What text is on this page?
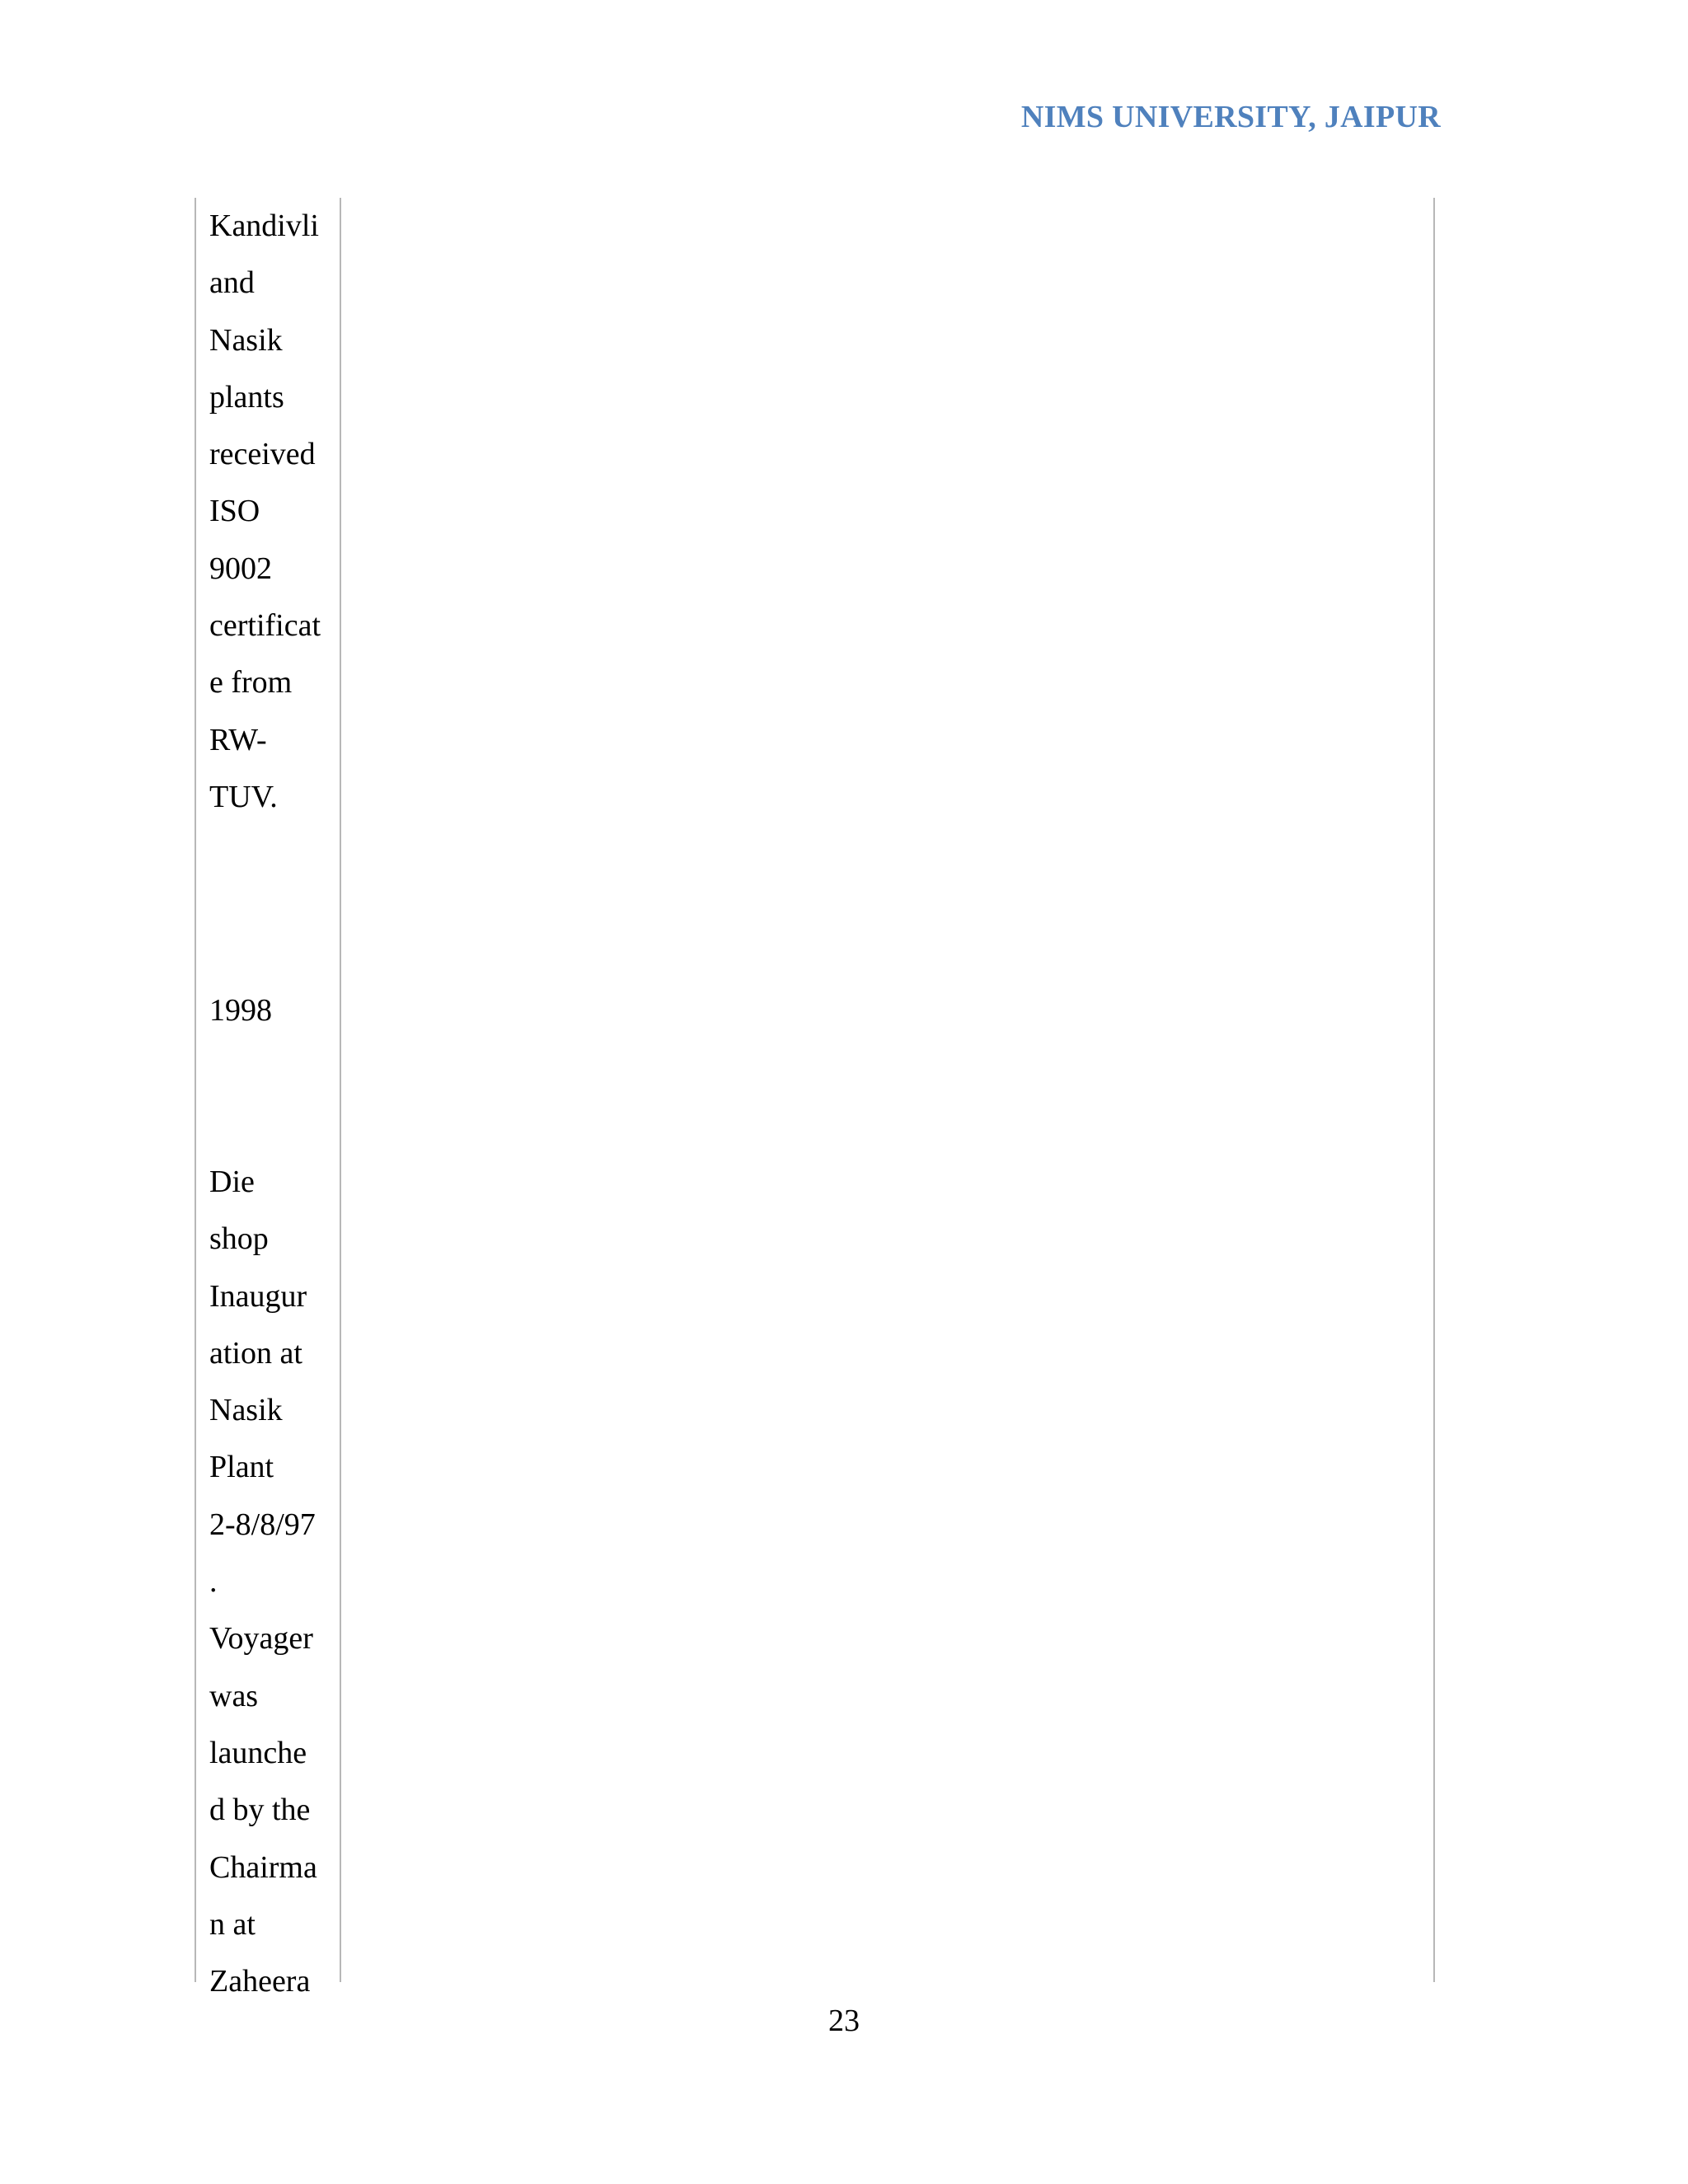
NIMS UNIVERSITY, JAIPUR
Kandivli
and
Nasik
plants
received
ISO
9002
certificat
e from
RW-
TUV.
1998
Die
shop
Inaugur
ation at
Nasik
Plant
2-8/8/97
.
Voyager
was
launche
d by the
Chairma
n at
Zaheera
23
